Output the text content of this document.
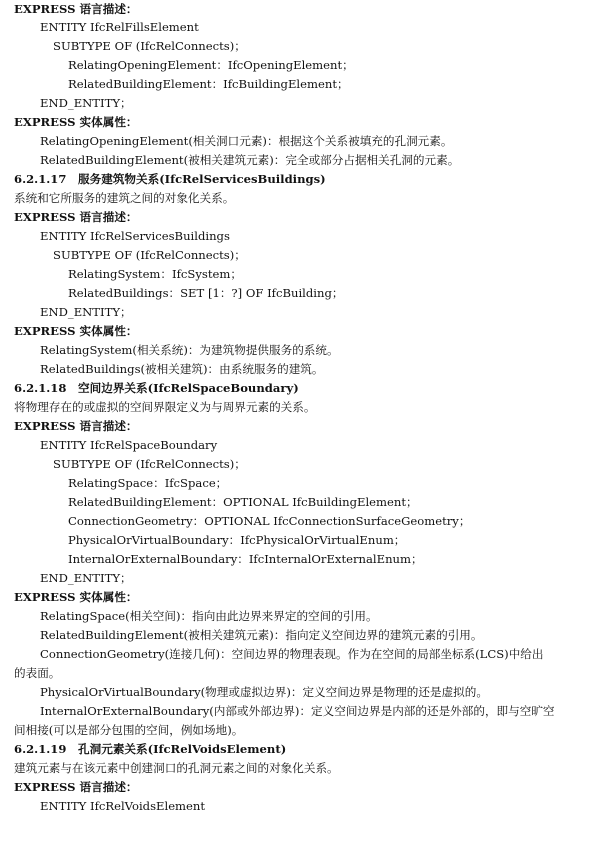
EXPRESS 语言描述：
ENTITY IfcRelFillsElement
SUBTYPE OF (IfcRelConnects)；
RelatingOpeningElement：IfcOpeningElement；
RelatedBuildingElement：IfcBuildingElement；
END_ENTITY；
EXPRESS 实体属性：
RelatingOpeningElement(相关洞口元素)：根据这个关系被填充的孔洞元素。
RelatedBuildingElement(被相关建筑元素)：完全或部分占据相关孔洞的元素。
6.2.1.17　服务建筑物关系(IfcRelServicesBuildings)
系统和它所服务的建筑之间的对象化关系。
EXPRESS 语言描述：
ENTITY IfcRelServicesBuildings
SUBTYPE OF (IfcRelConnects)；
RelatingSystem：IfcSystem；
RelatedBuildings：SET [1：?] OF IfcBuilding；
END_ENTITY；
EXPRESS 实体属性：
RelatingSystem(相关系统)：为建筑物提供服务的系统。
RelatedBuildings(被相关建筑)：由系统服务的建筑。
6.2.1.18　空间边界关系(IfcRelSpaceBoundary)
将物理存在的或虚拟的空间界限定义为与周界元素的关系。
EXPRESS 语言描述：
ENTITY IfcRelSpaceBoundary
SUBTYPE OF (IfcRelConnects)；
RelatingSpace：IfcSpace；
RelatedBuildingElement：OPTIONAL IfcBuildingElement；
ConnectionGeometry：OPTIONAL IfcConnectionSurfaceGeometry；
PhysicalOrVirtualBoundary：IfcPhysicalOrVirtualEnum；
InternalOrExternalBoundary：IfcInternalOrExternalEnum；
END_ENTITY；
EXPRESS 实体属性：
RelatingSpace(相关空间)：指向由此边界来界定的空间的引用。
RelatedBuildingElement(被相关建筑元素)：指向定义空间边界的建筑元素的引用。
ConnectionGeometry(连接几何)：空间边界的物理表现。作为在空间的局部坐标系(LCS)中给出
的表面。
PhysicalOrVirtualBoundary(物理或虚拟边界)：定义空间边界是物理的还是虚拟的。
InternalOrExternalBoundary(内部或外部边界)：定义空间边界是内部的还是外部的，即与空旷空
间相接(可以是部分包围的空间，例如场地)。
6.2.1.19　孔洞元素关系(IfcRelVoidsElement)
建筑元素与在该元素中创建洞口的孔洞元素之间的对象化关系。
EXPRESS 语言描述：
ENTITY IfcRelVoidsElement
